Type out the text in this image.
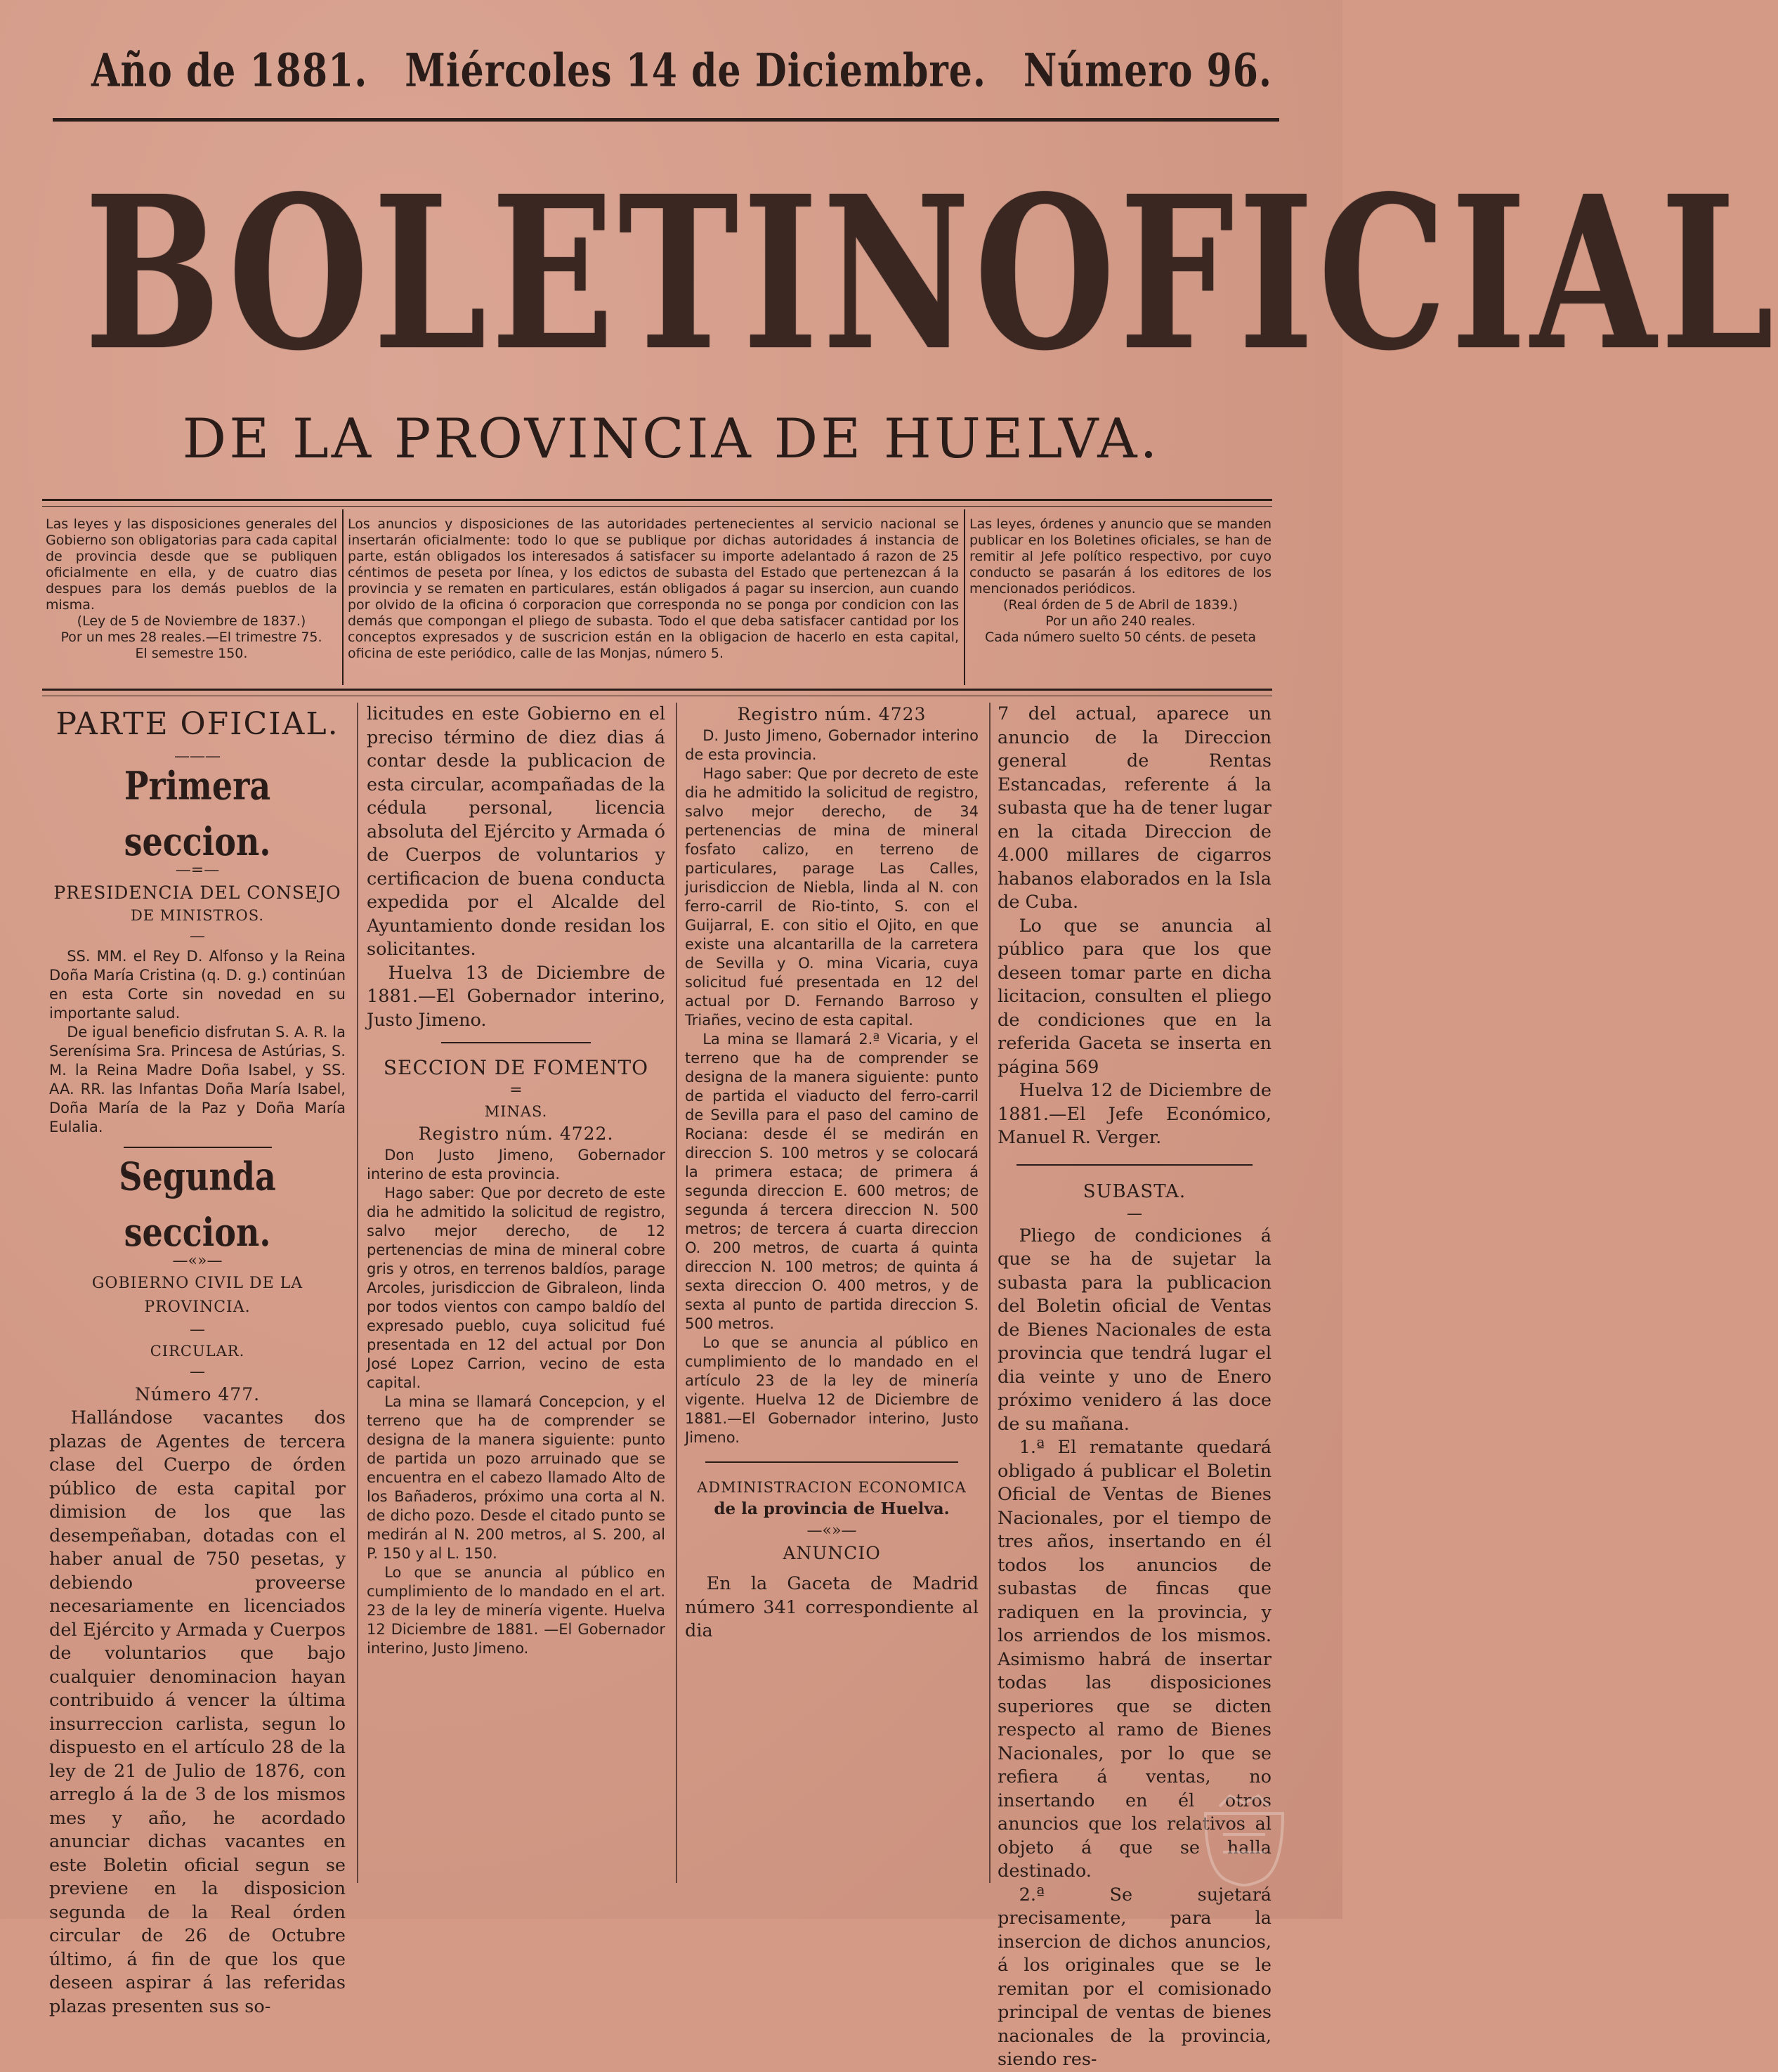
Año de 1881. Miércoles 14 de Diciembre. Número 96.
BOLETIN OFICIAL
DE LA PROVINCIA DE HUELVA.

Las leyes y las disposiciones generales del Gobierno son obligatorias para cada capital de provincia desde que se publiquen oficialmente en ella, y de cuatro dias despues para los demás pueblos de la misma.

(Ley de 5 de Noviembre de 1837.)

Por un mes 28 reales.—El trimestre 75.

El semestre 150.

Los anuncios y disposiciones de las autoridades pertenecientes al servicio nacional se insertarán oficialmente: todo lo que se publique por dichas autoridades á instancia de parte, están obligados los interesados á satisfacer su importe adelantado á razon de 25 céntimos de peseta por línea, y los edictos de subasta del Estado que pertenezcan á la provincia y se rematen en particulares, están obligados á pagar su insercion, aun cuando por olvido de la oficina ó corporacion que corresponda no se ponga por condicion con las demás que compongan el pliego de subasta. Todo el que deba satisfacer cantidad por los conceptos expresados y de suscricion están en la obligacion de hacerlo en esta capital, oficina de este periódico, calle de las Monjas, número 5.

Las leyes, órdenes y anuncio que se manden publicar en los Boletines oficiales, se han de remitir al Jefe político respectivo, por cuyo conducto se pasarán á los editores de los mencionados periódicos.

(Real órden de 5 de Abril de 1839.)

Por un año 240 reales.

Cada número suelto 50 cénts. de peseta

PARTE OFICIAL.

———

Primera seccion.

—=—

PRESIDENCIA DEL CONSEJO

DE MINISTROS.

—

SS. MM. el Rey D. Alfonso y la Reina Doña María Cristina (q. D. g.) continúan en esta Corte sin novedad en su importante salud.

De igual beneficio disfrutan S. A. R. la Serenísima Sra. Princesa de Astúrias, S. M. la Reina Madre Doña Isabel, y SS. AA. RR. las Infantas Doña María Isabel, Doña María de la Paz y Doña María Eulalia.

Segunda seccion.

—«»—

GOBIERNO CIVIL DE LA PROVINCIA.

—

CIRCULAR.

—

Número 477.

Hallándose vacantes dos plazas de Agentes de tercera clase del Cuerpo de órden público de esta capital por dimision de los que las desempeñaban, dotadas con el haber anual de 750 pesetas, y debiendo proveerse necesariamente en licenciados del Ejército y Armada y Cuerpos de voluntarios que bajo cualquier denominacion hayan contribuido á vencer la última insurreccion carlista, segun lo dispuesto en el artículo 28 de la ley de 21 de Julio de 1876, con arreglo á la de 3 de los mismos mes y año, he acordado anunciar dichas vacantes en este Boletin oficial segun se previene en la disposicion segunda de la Real órden circular de 26 de Octubre último, á fin de que los que deseen aspirar á las referidas plazas presenten sus so-

licitudes en este Gobierno en el preciso término de diez dias á contar desde la publicacion de esta circular, acompañadas de la cédula personal, licencia absoluta del Ejército y Armada ó de Cuerpos de voluntarios y certificacion de buena conducta expedida por el Alcalde del Ayuntamiento donde residan los solicitantes.

Huelva 13 de Diciembre de 1881.—El Gobernador interino, Justo Jimeno.

SECCION DE FOMENTO

=

MINAS.

Registro núm. 4722.

Don Justo Jimeno, Gobernador interino de esta provincia.

Hago saber: Que por decreto de este dia he admitido la solicitud de registro, salvo mejor derecho, de 12 pertenencias de mina de mineral cobre gris y otros, en terrenos baldíos, parage Arcoles, jurisdiccion de Gibraleon, linda por todos vientos con campo baldío del expresado pueblo, cuya solicitud fué presentada en 12 del actual por Don José Lopez Carrion, vecino de esta capital.

La mina se llamará Concepcion, y el terreno que ha de comprender se designa de la manera siguiente: punto de partida un pozo arruinado que se encuentra en el cabezo llamado Alto de los Bañaderos, próximo una corta al N. de dicho pozo. Desde el citado punto se medirán al N. 200 metros, al S. 200, al P. 150 y al L. 150.

Lo que se anuncia al público en cumplimiento de lo mandado en el art. 23 de la ley de minería vigente. Huelva 12 Diciembre de 1881. —El Gobernador interino, Justo Jimeno.

Registro núm. 4723

D. Justo Jimeno, Gobernador interino de esta provincia.

Hago saber: Que por decreto de este dia he admitido la solicitud de registro, salvo mejor derecho, de 34 pertenencias de mina de mineral fosfato calizo, en terreno de particulares, parage Las Calles, jurisdiccion de Niebla, linda al N. con ferro-carril de Rio-tinto, S. con el Guijarral, E. con sitio el Ojito, en que existe una alcantarilla de la carretera de Sevilla y O. mina Vicaria, cuya solicitud fué presentada en 12 del actual por D. Fernando Barroso y Triañes, vecino de esta capital.

La mina se llamará 2.ª Vicaria, y el terreno que ha de comprender se designa de la manera siguiente: punto de partida el viaducto del ferro-carril de Sevilla para el paso del camino de Rociana: desde él se medirán en direccion S. 100 metros y se colocará la primera estaca; de primera á segunda direccion E. 600 metros; de segunda á tercera direccion N. 500 metros; de tercera á cuarta direccion O. 200 metros, de cuarta á quinta direccion N. 100 metros; de quinta á sexta direccion O. 400 metros, y de sexta al punto de partida direccion S. 500 metros.

Lo que se anuncia al público en cumplimiento de lo mandado en el artículo 23 de la ley de minería vigente. Huelva 12 de Diciembre de 1881.—El Gobernador interino, Justo Jimeno.

ADMINISTRACION ECONOMICA

de la provincia de Huelva.

—«»—

ANUNCIO

En la Gaceta de Madrid número 341 correspondiente al dia

7 del actual, aparece un anuncio de la Direccion general de Rentas Estancadas, referente á la subasta que ha de tener lugar en la citada Direccion de 4.000 millares de cigarros habanos elaborados en la Isla de Cuba.

Lo que se anuncia al público para que los que deseen tomar parte en dicha licitacion, consulten el pliego de condiciones que en la referida Gaceta se inserta en página 569

Huelva 12 de Diciembre de 1881.—El Jefe Económico, Manuel R. Verger.

SUBASTA.

—

Pliego de condiciones á que se ha de sujetar la subasta para la publicacion del Boletin oficial de Ventas de Bienes Nacionales de esta provincia que tendrá lugar el dia veinte y uno de Enero próximo venidero á las doce de su mañana.

1.ª El rematante quedará obligado á publicar el Boletin Oficial de Ventas de Bienes Nacionales, por el tiempo de tres años, insertando en él todos los anuncios de subastas de fincas que radiquen en la provincia, y los arriendos de los mismos. Asimismo habrá de insertar todas las disposiciones superiores que se dicten respecto al ramo de Bienes Nacionales, por lo que se refiera á ventas, no insertando en él otros anuncios que los relativos al objeto á que se halla destinado.

2.ª Se sujetará precisamente, para la insercion de dichos anuncios, á los originales que se le remitan por el comisionado principal de ventas de bienes nacionales de la provincia, siendo res-
